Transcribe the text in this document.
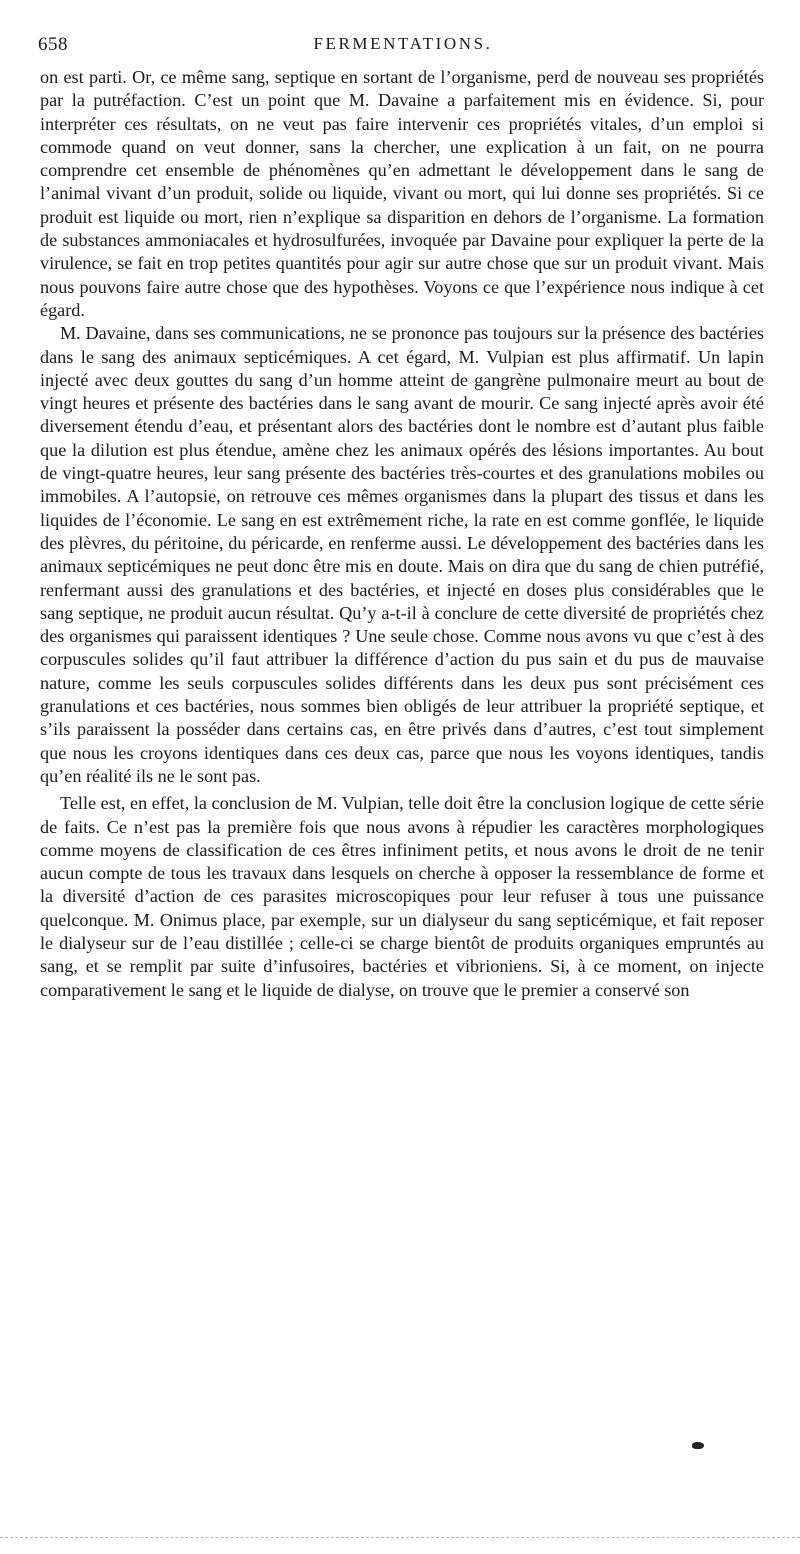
658	FERMENTATIONS.

on est parti. Or, ce même sang, septique en sortant de l’organisme, perd de nouveau ses propriétés par la putréfaction. C’est un point que M. Davaine a parfaitement mis en évidence. Si, pour interpréter ces résultats, on ne veut pas faire intervenir ces propriétés vitales, d’un emploi si commode quand on veut donner, sans la chercher, une explication à un fait, on ne pourra comprendre cet ensemble de phénomènes qu’en admettant le développement dans le sang de l’animal vivant d’un produit, solide ou liquide, vivant ou mort, qui lui donne ses propriétés. Si ce produit est liquide ou mort, rien n’explique sa disparition en dehors de l’organisme. La formation de substances ammoniacales et hydrosulfurées, invoquée par Davaine pour expliquer la perte de la virulence, se fait en trop petites quantités pour agir sur autre chose que sur un produit vivant. Mais nous pouvons faire autre chose que des hypothèses. Voyons ce que l’expérience nous indique à cet égard.

M. Davaine, dans ses communications, ne se prononce pas toujours sur la présence des bactéries dans le sang des animaux septicémiques. A cet égard, M. Vulpian est plus affirmatif. Un lapin injecté avec deux gouttes du sang d’un homme atteint de gangrène pulmonaire meurt au bout de vingt heures et présente des bactéries dans le sang avant de mourir. Ce sang injecté après avoir été diversement étendu d’eau, et présentant alors des bactéries dont le nombre est d’autant plus faible que la dilution est plus étendue, amène chez les animaux opérés des lésions importantes. Au bout de vingt-quatre heures, leur sang présente des bactéries très-courtes et des granulations mobiles ou immobiles. A l’autopsie, on retrouve ces mêmes organismes dans la plupart des tissus et dans les liquides de l’économie. Le sang en est extrêmement riche, la rate en est comme gonflée, le liquide des plèvres, du péritoine, du péricarde, en renferme aussi. Le développement des bactéries dans les animaux septicémiques ne peut donc être mis en doute. Mais on dira que du sang de chien putréfié, renfermant aussi des granulations et des bactéries, et injecté en doses plus considérables que le sang septique, ne produit aucun résultat. Qu’y a-t-il à conclure de cette diversité de propriétés chez des organismes qui paraissent identiques ? Une seule chose. Comme nous avons vu que c’est à des corpuscules solides qu’il faut attribuer la différence d’action du pus sain et du pus de mauvaise nature, comme les seuls corpuscules solides différents dans les deux pus sont précisément ces granulations et ces bactéries, nous sommes bien obligés de leur attribuer la propriété septique, et s’ils paraissent la posséder dans certains cas, en être privés dans d’autres, c’est tout simplement que nous les croyons identiques dans ces deux cas, parce que nous les voyons identiques, tandis qu’en réalité ils ne le sont pas.

Telle est, en effet, la conclusion de M. Vulpian, telle doit être la conclusion logique de cette série de faits. Ce n’est pas la première fois que nous avons à répudier les caractères morphologiques comme moyens de classification de ces êtres infiniment petits, et nous avons le droit de ne tenir aucun compte de tous les travaux dans lesquels on cherche à opposer la ressemblance de forme et la diversité d’action de ces parasites microscopiques pour leur refuser à tous une puissance quelconque. M. Onimus place, par exemple, sur un dialyseur du sang septicémique, et fait reposer le dialyseur sur de l’eau distillée ; celle-ci se charge bientôt de produits organiques empruntés au sang, et se remplit par suite d’infusoires, bactéries et vibrioniens. Si, à ce moment, on injecte comparativement le sang et le liquide de dialyse, on trouve que le premier a conservé son
